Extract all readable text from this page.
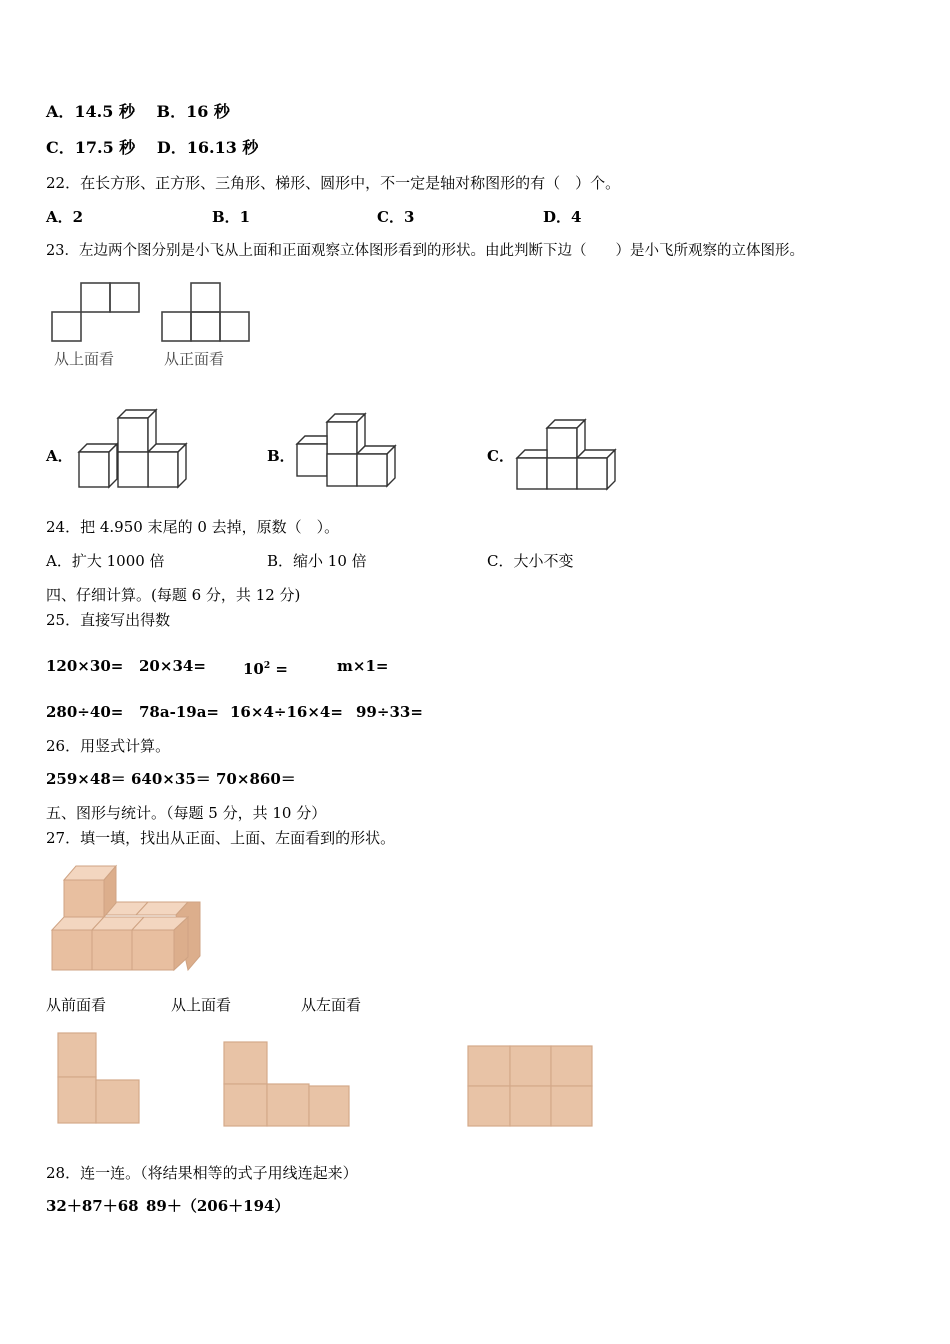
A．14.5 秒　 B．16 秒
C．17.5 秒　 D．16.13 秒
22．在长方形、正方形、三角形、梯形、圆形中，不一定是轴对称图形的有（　）个。
A．2	B．1	C．3	D．4
23．左边两个图分别是小飞从上面和正面观察立体图形看到的形状。由此判断下边（　　）是小飞所观察的立体图形。
从上面看	从正面看
A．	B．	C．
24．把 4.950 末尾的 0 去掉，原数（　）。
A．扩大 1000 倍	B．缩小 10 倍	C．大小不变
四、仔细计算。(每题 6 分，共 12 分)
25．直接写出得数
$120\times 30= 20\times 34= 10^2$ =	m×1=
280÷40= 78a-19a= 16×4÷16×4= 99÷33=
26．用竖式计算。
259×48＝ 640×35＝ 70×860＝
五、图形与统计。（每题 5 分，共 10 分）
27．填一填，找出从正面、上面、左面看到的形状。
从前面看	从上面看	从左面看
28．连一连。（将结果相等的式子用线连起来）
32＋87＋68 89＋（206＋194）
